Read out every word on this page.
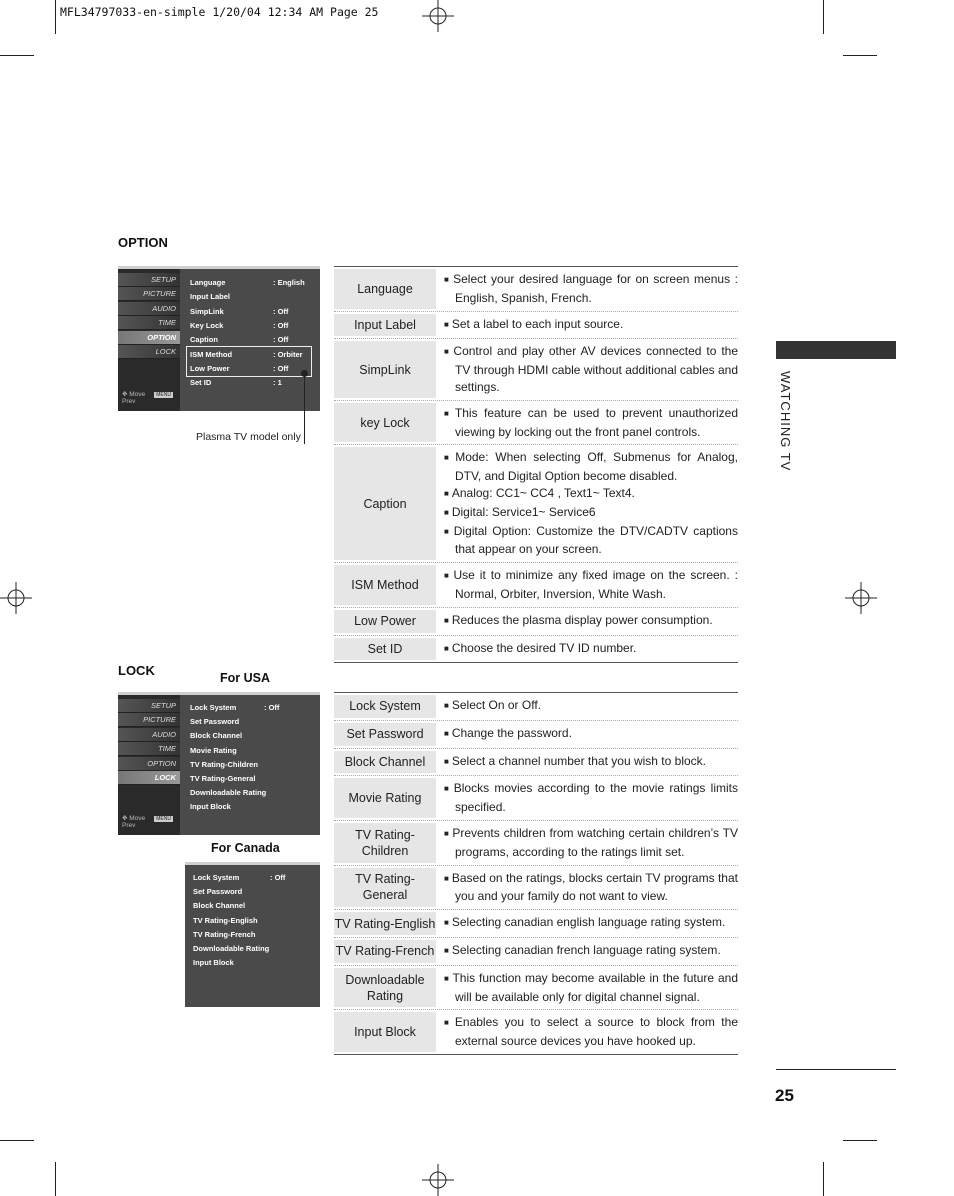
MFL34797033-en-simple 1/20/04 12:34 AM Page 25
WATCHING TV
25
OPTION
SETUP
PICTURE
AUDIO
TIME
OPTION
LOCK
✥ Move MENU Prev
Language	: English
Input Label
SimpLink	: Off
Key Lock	: Off
Caption	: Off
ISM Method	: Orbiter
Low Power	: Off
Set ID	: 1
Plasma TV model only
Language
■ Select your desired language for on screen menus : English, Spanish, French.
Input Label	■ Set a label to each input source.
SimpLink
■ Control and play other AV devices connected to the TV through HDMI cable without additional cables and settings.
key Lock
■ This feature can be used to prevent unauthorized viewing by locking out the front panel controls.
Caption
■ Mode: When selecting Off, Submenus for Analog, DTV, and Digital Option become disabled.
■ Analog: CC1~ CC4 , Text1~ Text4.
■ Digital: Service1~ Service6
■ Digital Option: Customize the DTV/CADTV captions that appear on your screen.
ISM Method
■ Use it to minimize any fixed image on the screen. : Normal, Orbiter, Inversion, White Wash.
Low Power	■ Reduces the plasma display power consumption.
Set ID	■ Choose the desired TV ID number.
LOCK	For USA
SETUP
PICTURE
AUDIO
TIME
OPTION
LOCK
✥ Move MENU Prev
Lock System	: Off
Set Password
Block Channel
Movie Rating
TV Rating-Children
TV Rating-General
Downloadable Rating
Input Block
For Canada
Lock System	: Off
Set Password
Block Channel
TV Rating-English
TV Rating-French
Downloadable Rating
Input Block
Lock System	■ Select On or Off.
Set Password	■ Change the password.
Block Channel	■ Select a channel number that you wish to block.
Movie Rating
■ Blocks movies according to the movie ratings limits specified.
TV Rating-Children
■ Prevents children from watching certain children’s TV programs, according to the ratings limit set.
TV Rating-General
■ Based on the ratings, blocks certain TV programs that you and your family do not want to view.
TV Rating-English ■ Selecting canadian english language rating system.
TV Rating-French ■ Selecting canadian french language rating system.
Downloadable Rating
■ This function may become available in the future and will be available only for digital channel signal.
Input Block
■ Enables you to select a source to block from the external source devices you have hooked up.
